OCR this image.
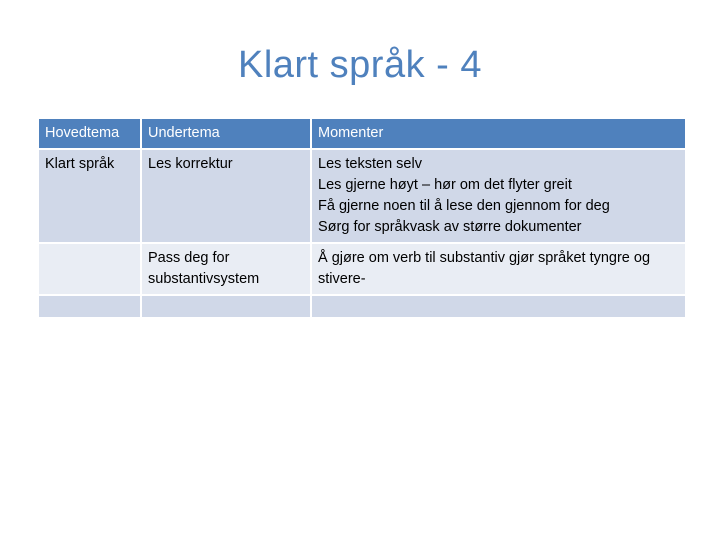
Klart språk - 4
Hovedtema	Undertema	Momenter
Klart språk	Les korrektur	Les teksten selv
Les gjerne høyt – hør om det flyter greit
Få gjerne noen til å lese den gjennom for deg
Sørg for språkvask av større dokumenter

	Pass deg for substantivsystem	Å gjøre om verb til substantiv gjør språket tyngre og stivere-
